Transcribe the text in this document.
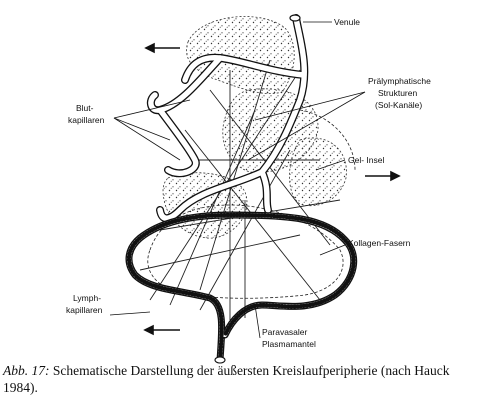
Venule
Prälymphatische
Strukturen
(Sol-Kanäle)
Blut-
kapillaren
Gel- Insel
Kollagen-Fasern
Lymph-
kapillaren
Paravasaler
Plasmamantel
Abb. 17: Schematische Darstellung der äußersten Kreislaufperipherie (nach Hauck 1984).
